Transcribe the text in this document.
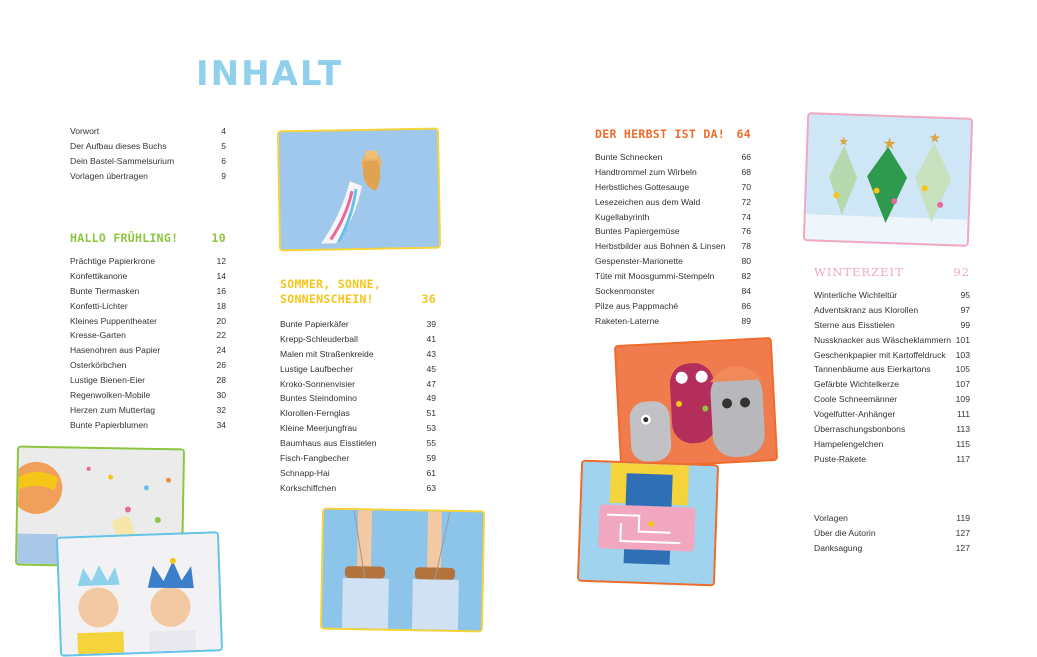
INHALT
Vorwort	4
Der Aufbau dieses Buchs	5
Dein Bastel-Sammelsurium	6
Vorlagen übertragen	9
HALLO FRÜHLING!	10
Prächtige Papierkrone	12
Konfettikanone	14
Bunte Tiermasken	16
Konfetti-Lichter	18
Kleines Puppentheater	20
Kresse-Garten	22
Hasenohren aus Papier	24
Osterkörbchen	26
Lustige Bienen-Eier	28
Regenwolken-Mobile	30
Herzen zum Muttertag	32
Bunte Papierblumen	34
SOMMER, SONNE,
SONNENSCHEIN!	36
Bunte Papierkäfer	39
Krepp-Schleuderball	41
Malen mit Straßenkreide	43
Lustige Laufbecher	45
Kroko-Sonnenvisier	47
Buntes Steindomino	49
Klorollen-Fernglas	51
Kleine Meerjungfrau	53
Baumhaus aus Eisstielen	55
Fisch-Fangbecher	59
Schnapp-Hai	61
Korkschiffchen	63
DER HERBST IST DA! 64
Bunte Schnecken	66
Handtrommel zum Wirbeln	68
Herbstliches Gottesauge	70
Lesezeichen aus dem Wald	72
Kugellabyrinth	74
Buntes Papiergemüse	76
Herbstbilder aus Bohnen & Linsen 78
Gespenster-Marionette	80
Tüte mit Moosgummi-Stempeln	82
Sockenmonster	84
Pilze aus Pappmaché	86
Raketen-Laterne	89
WINTERZEIT	92
Winterliche Wichteltür	95
Adventskranz aus Klorollen	97
Sterne aus Eisstielen	99
Nussknacker aus Wäscheklammern 101
Geschenkpapier mit Kartoffeldruck 103
Tannenbäume aus Eierkartons	105
Gefärbte Wichtelkerze	107
Coole Schneemänner	109
Vogelfutter-Anhänger	111
Überraschungsbonbons	113
Hampelengelchen	115
Puste-Rakete	117
Vorlagen	119
Über die Autorin	127
Danksagung	127
★ ★
★
